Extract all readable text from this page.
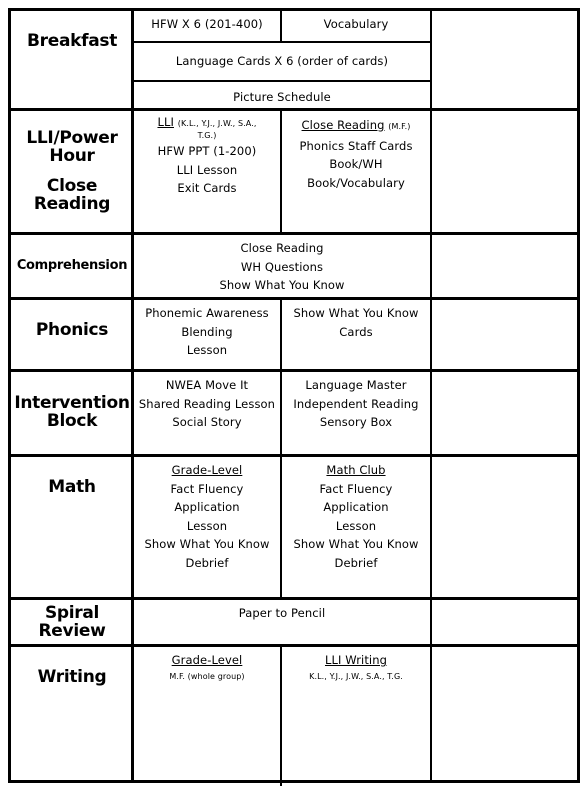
Breakfast
HFW X 6 (201-400)	Vocabulary
Language Cards X 6 (order of cards)
Picture Schedule
LLI/Power
Hour
Close
Reading
LLI (K.L., Y.J., J.W., S.A.,
T.G.)
HFW PPT (1-200)
LLI Lesson
Exit Cards
Close Reading (M.F.)
Phonics Staff Cards
Book/WH
Book/Vocabulary
Comprehension
Close Reading
WH Questions
Show What You Know
Phonics
Phonemic Awareness
Blending
Lesson
Show What You Know
Cards
Intervention
Block
NWEA Move It
Shared Reading Lesson
Social Story
Language Master
Independent Reading
Sensory Box
Math
Grade-Level
Fact Fluency
Application
Lesson
Show What You Know
Debrief
Math Club
Fact Fluency
Application
Lesson
Show What You Know
Debrief
Spiral
Review
Paper to Pencil
Writing
Grade-Level
M.F. (whole group)
LLI Writing
K.L., Y.J., J.W., S.A., T.G.
